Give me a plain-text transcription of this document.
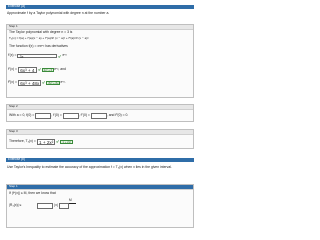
Exercise (a)
Approximate f by a Taylor polynomial with degree n at the number a.
Step 1
The Taylor polynomial with degree n = 3 is
T₃(x) = f(a) + f′(a)(x − a) + f″(a)/2! (x − a)² + f‴(a)/3! (x − a)³.
The function f(x) = x³eˣ² has derivatives
f′(x) = 3x	eˣ²
f″(x) = 6x³ + 4	2x³ + 6 eˣ², and
f‴(x) = 6x³ + 48x	8x³ + 8x eˣ².
Step 2
With a = 0, f(0) =	, f′(0) =	, f″(0) =	, and f‴(0) = 0.
Step 3
Therefore, T₃(x) = 1 + 2x²	1 + 2x²
Exercise (b)
Use Taylor's Inequality to estimate the accuracy of the approximation f ≈ T₃(x) when x lies in the given interval.
Step 1
If |f⁴(x)| ≤ M, then we know that
M
|R₃(x)| ≤	|x|
